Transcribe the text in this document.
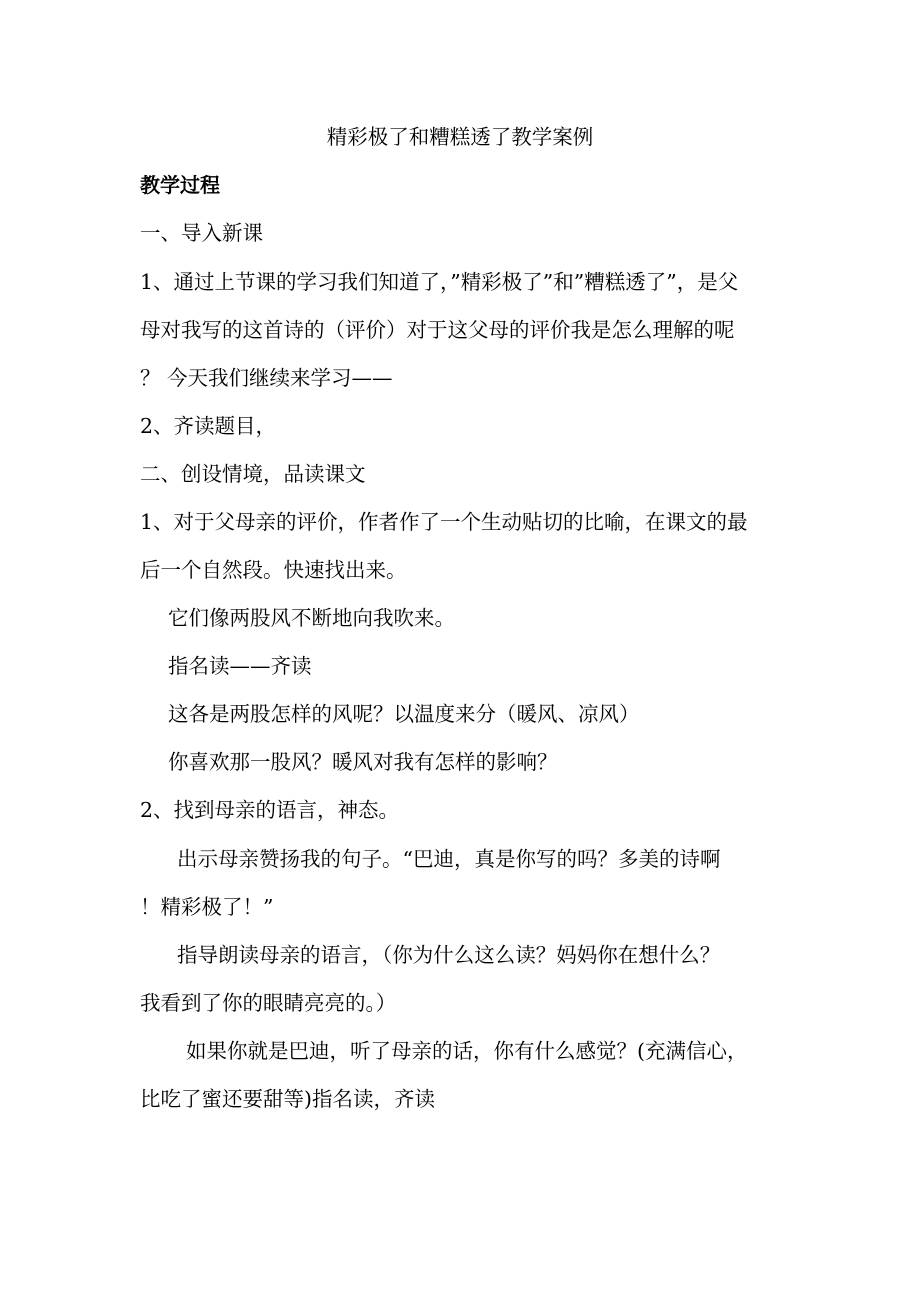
精彩极了和糟糕透了教学案例
教学过程
一、导入新课
1、通过上节课的学习我们知道了，”精彩极了”和”糟糕透了”，是父
母对我写的这首诗的（评价）对于这父母的评价我是怎么理解的呢
？ 今天我们继续来学习——
2、齐读题目，
二、创设情境，品读课文
1、对于父母亲的评价，作者作了一个生动贴切的比喻，在课文的最
后一个自然段。快速找出来。
它们像两股风不断地向我吹来。
指名读——齐读
这各是两股怎样的风呢？以温度来分（暖风、凉风）
你喜欢那一股风？暖风对我有怎样的影响？
2、找到母亲的语言，神态。
出示母亲赞扬我的句子。“巴迪，真是你写的吗？多美的诗啊
！精彩极了！”
指导朗读母亲的语言，（你为什么这么读？妈妈你在想什么？
我看到了你的眼睛亮亮的。）
如果你就是巴迪，听了母亲的话，你有什么感觉？(充满信心，
比吃了蜜还要甜等)指名读，齐读
